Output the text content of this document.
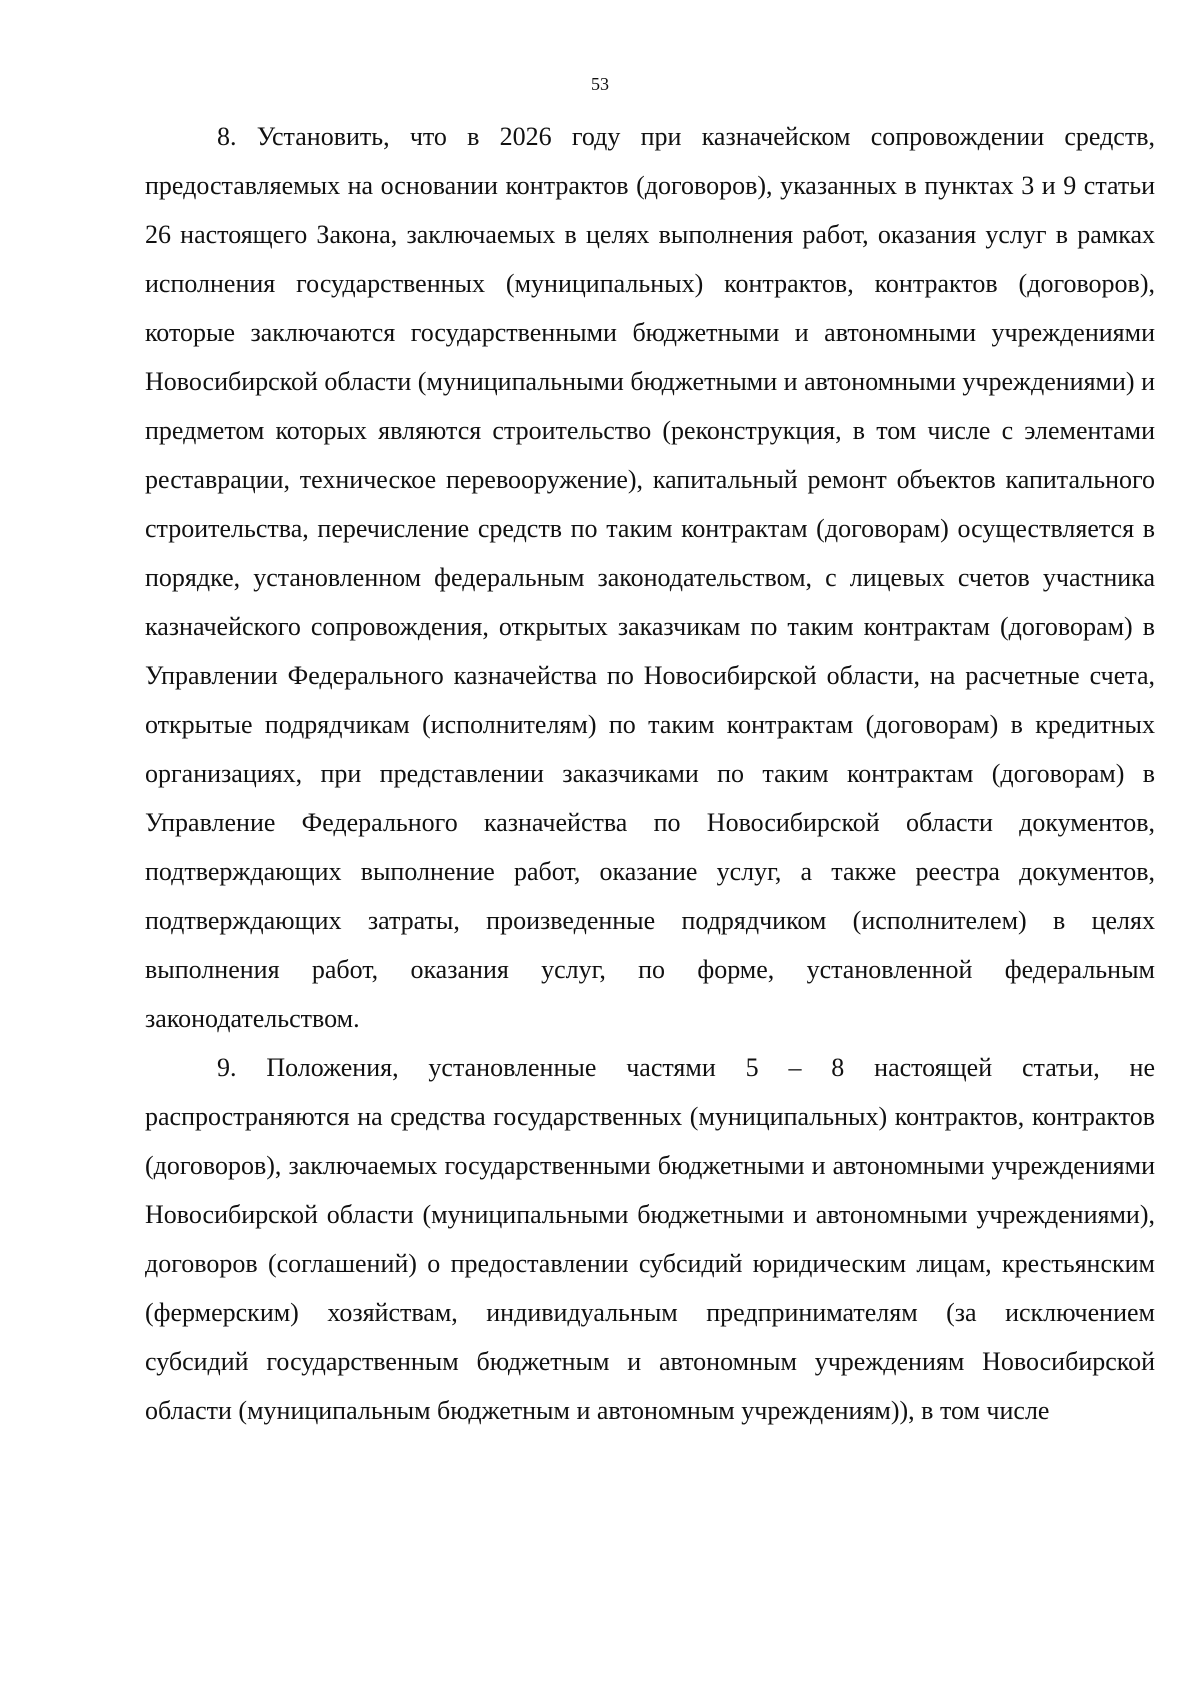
53

8. Установить, что в 2026 году при казначейском сопровождении средств, предоставляемых на основании контрактов (договоров), указанных в пунктах 3 и 9 статьи 26 настоящего Закона, заключаемых в целях выполнения работ, оказания услуг в рамках исполнения государственных (муниципальных) контрактов, контрактов (договоров), которые заключаются государственными бюджетными и автономными учреждениями Новосибирской области (муниципальными бюджетными и автономными учреждениями) и предметом которых являются строительство (реконструкция, в том числе с элементами реставрации, техническое перевооружение), капитальный ремонт объектов капитального строительства, перечисление средств по таким контрактам (договорам) осуществляется в порядке, установленном федеральным законодательством, с лицевых счетов участника казначейского сопровождения, открытых заказчикам по таким контрактам (договорам) в Управлении Федерального казначейства по Новосибирской области, на расчетные счета, открытые подрядчикам (исполнителям) по таким контрактам (договорам) в кредитных организациях, при представлении заказчиками по таким контрактам (договорам) в Управление Федерального казначейства по Новосибирской области документов, подтверждающих выполнение работ, оказание услуг, а также реестра документов, подтверждающих затраты, произведенные подрядчиком (исполнителем) в целях выполнения работ, оказания услуг, по форме, установленной федеральным законодательством.

9. Положения, установленные частями 5 – 8 настоящей статьи, не распространяются на средства государственных (муниципальных) контрактов, контрактов (договоров), заключаемых государственными бюджетными и автономными учреждениями Новосибирской области (муниципальными бюджетными и автономными учреждениями), договоров (соглашений) о предоставлении субсидий юридическим лицам, крестьянским (фермерским) хозяйствам, индивидуальным предпринимателям (за исключением субсидий государственным бюджетным и автономным учреждениям Новосибирской области (муниципальным бюджетным и автономным учреждениям)), в том числе
